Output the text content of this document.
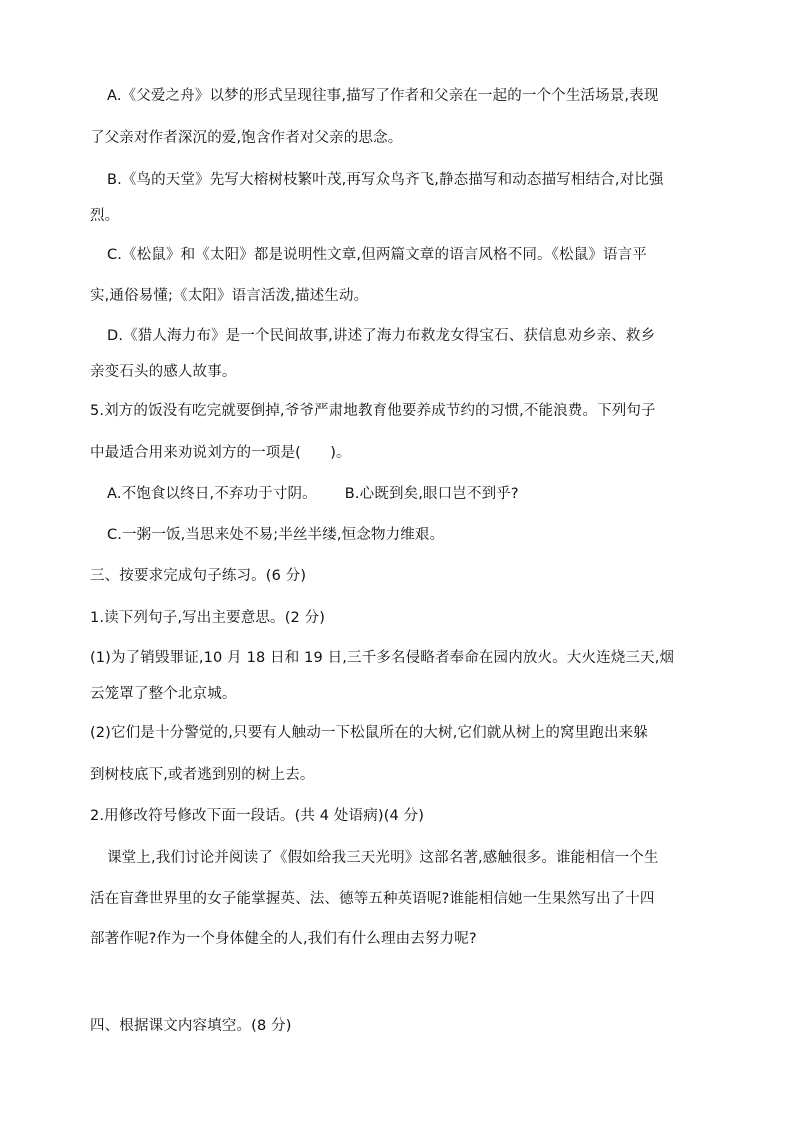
A.《父爱之舟》以梦的形式呈现往事,描写了作者和父亲在一起的一个个生活场景,表现
了父亲对作者深沉的爱,饱含作者对父亲的思念。
B.《鸟的天堂》先写大榕树枝繁叶茂,再写众鸟齐飞,静态描写和动态描写相结合,对比强
烈。
C.《松鼠》和《太阳》都是说明性文章,但两篇文章的语言风格不同。《松鼠》语言平
实,通俗易懂;《太阳》语言活泼,描述生动。
D.《猎人海力布》是一个民间故事,讲述了海力布救龙女得宝石、获信息劝乡亲、救乡
亲变石头的感人故事。
5.刘方的饭没有吃完就要倒掉,爷爷严肃地教育他要养成节约的习惯,不能浪费。下列句子
中最适合用来劝说刘方的一项是(　　)。
A.不饱食以终日,不弃功于寸阴。 B.心既到矣,眼口岂不到乎?
C.一粥一饭,当思来处不易;半丝半缕,恒念物力维艰。
三、按要求完成句子练习。(6 分)
1.读下列句子,写出主要意思。(2 分)
(1)为了销毁罪证,10 月 18 日和 19 日,三千多名侵略者奉命在园内放火。大火连烧三天,烟
云笼罩了整个北京城。
(2)它们是十分警觉的,只要有人触动一下松鼠所在的大树,它们就从树上的窝里跑出来躲
到树枝底下,或者逃到别的树上去。
2.用修改符号修改下面一段话。(共 4 处语病)(4 分)
课堂上,我们讨论并阅读了《假如给我三天光明》这部名著,感触很多。谁能相信一个生
活在盲聋世界里的女子能掌握英、法、德等五种英语呢?谁能相信她一生果然写出了十四
部著作呢?作为一个身体健全的人,我们有什么理由去努力呢?
四、根据课文内容填空。(8 分)
